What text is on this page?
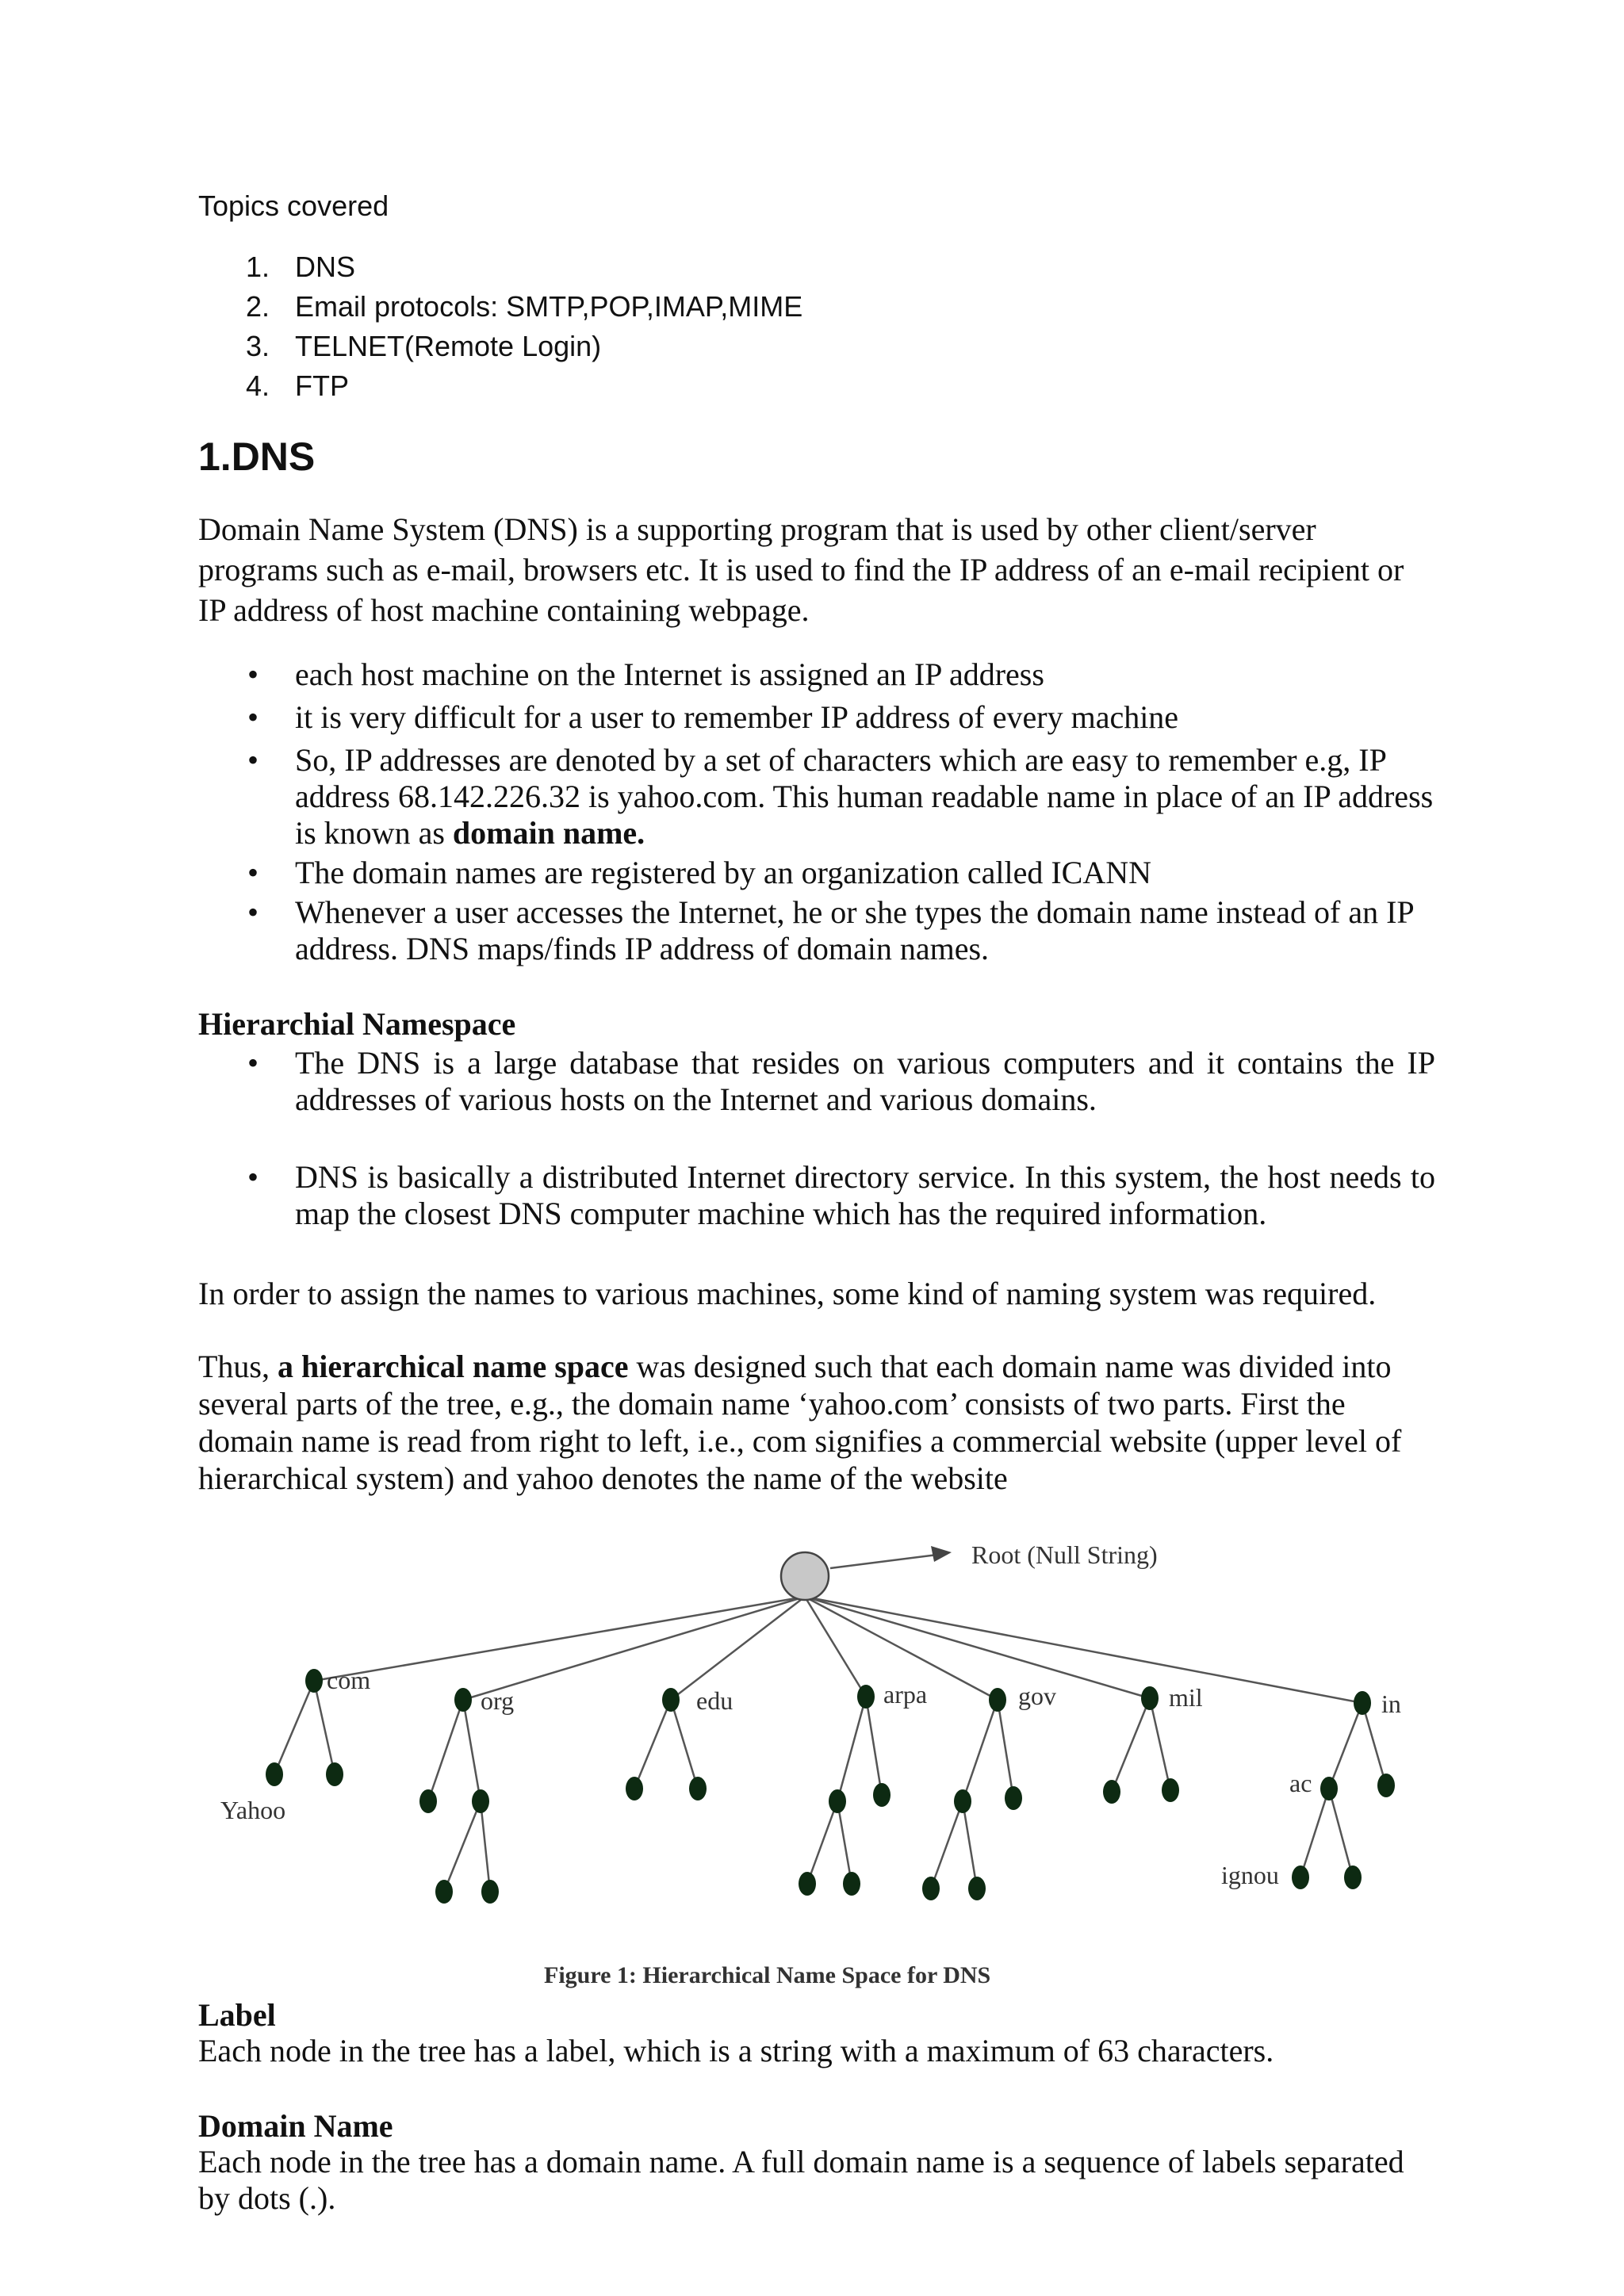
Topics covered
1. DNS
2. Email protocols: SMTP,POP,IMAP,MIME
3. TELNET(Remote Login)
4. FTP
1.DNS

Domain Name System (DNS) is a supporting program that is used by other client/server programs such as e-mail, browsers etc. It is used to find the IP address of an e-mail recipient or IP address of host machine containing webpage.

• each host machine on the Internet is assigned an IP address
• it is very difficult for a user to remember IP address of every machine
• So, IP addresses are denoted by a set of characters which are easy to remember e.g, IP address 68.142.226.32 is yahoo.com. This human readable name in place of an IP address is known as domain name.
• The domain names are registered by an organization called ICANN
• Whenever a user accesses the Internet, he or she types the domain name instead of an IP address. DNS maps/finds IP address of domain names.
Hierarchial Namespace
• The DNS is a large database that resides on various computers and it contains the IP addresses of various hosts on the Internet and various domains.
• DNS is basically a distributed Internet directory service. In this system, the host needs to map the closest DNS computer machine which has the required information.

In order to assign the names to various machines, some kind of naming system was required.

Thus, a hierarchical name space was designed such that each domain name was divided into several parts of the tree, e.g., the domain name ‘yahoo.com’ consists of two parts. First the domain name is read from right to left, i.e., com signifies a commercial website (upper level of hierarchical system) and yahoo denotes the name of the website

Root (Null String)
com
org	edu	arpa	gov	mil	in
Yahoo
ac
ignou
Figure 1: Hierarchical Name Space for DNS
Label

Each node in the tree has a label, which is a string with a maximum of 63 characters.

Domain Name

Each node in the tree has a domain name. A full domain name is a sequence of labels separated by dots (.).
